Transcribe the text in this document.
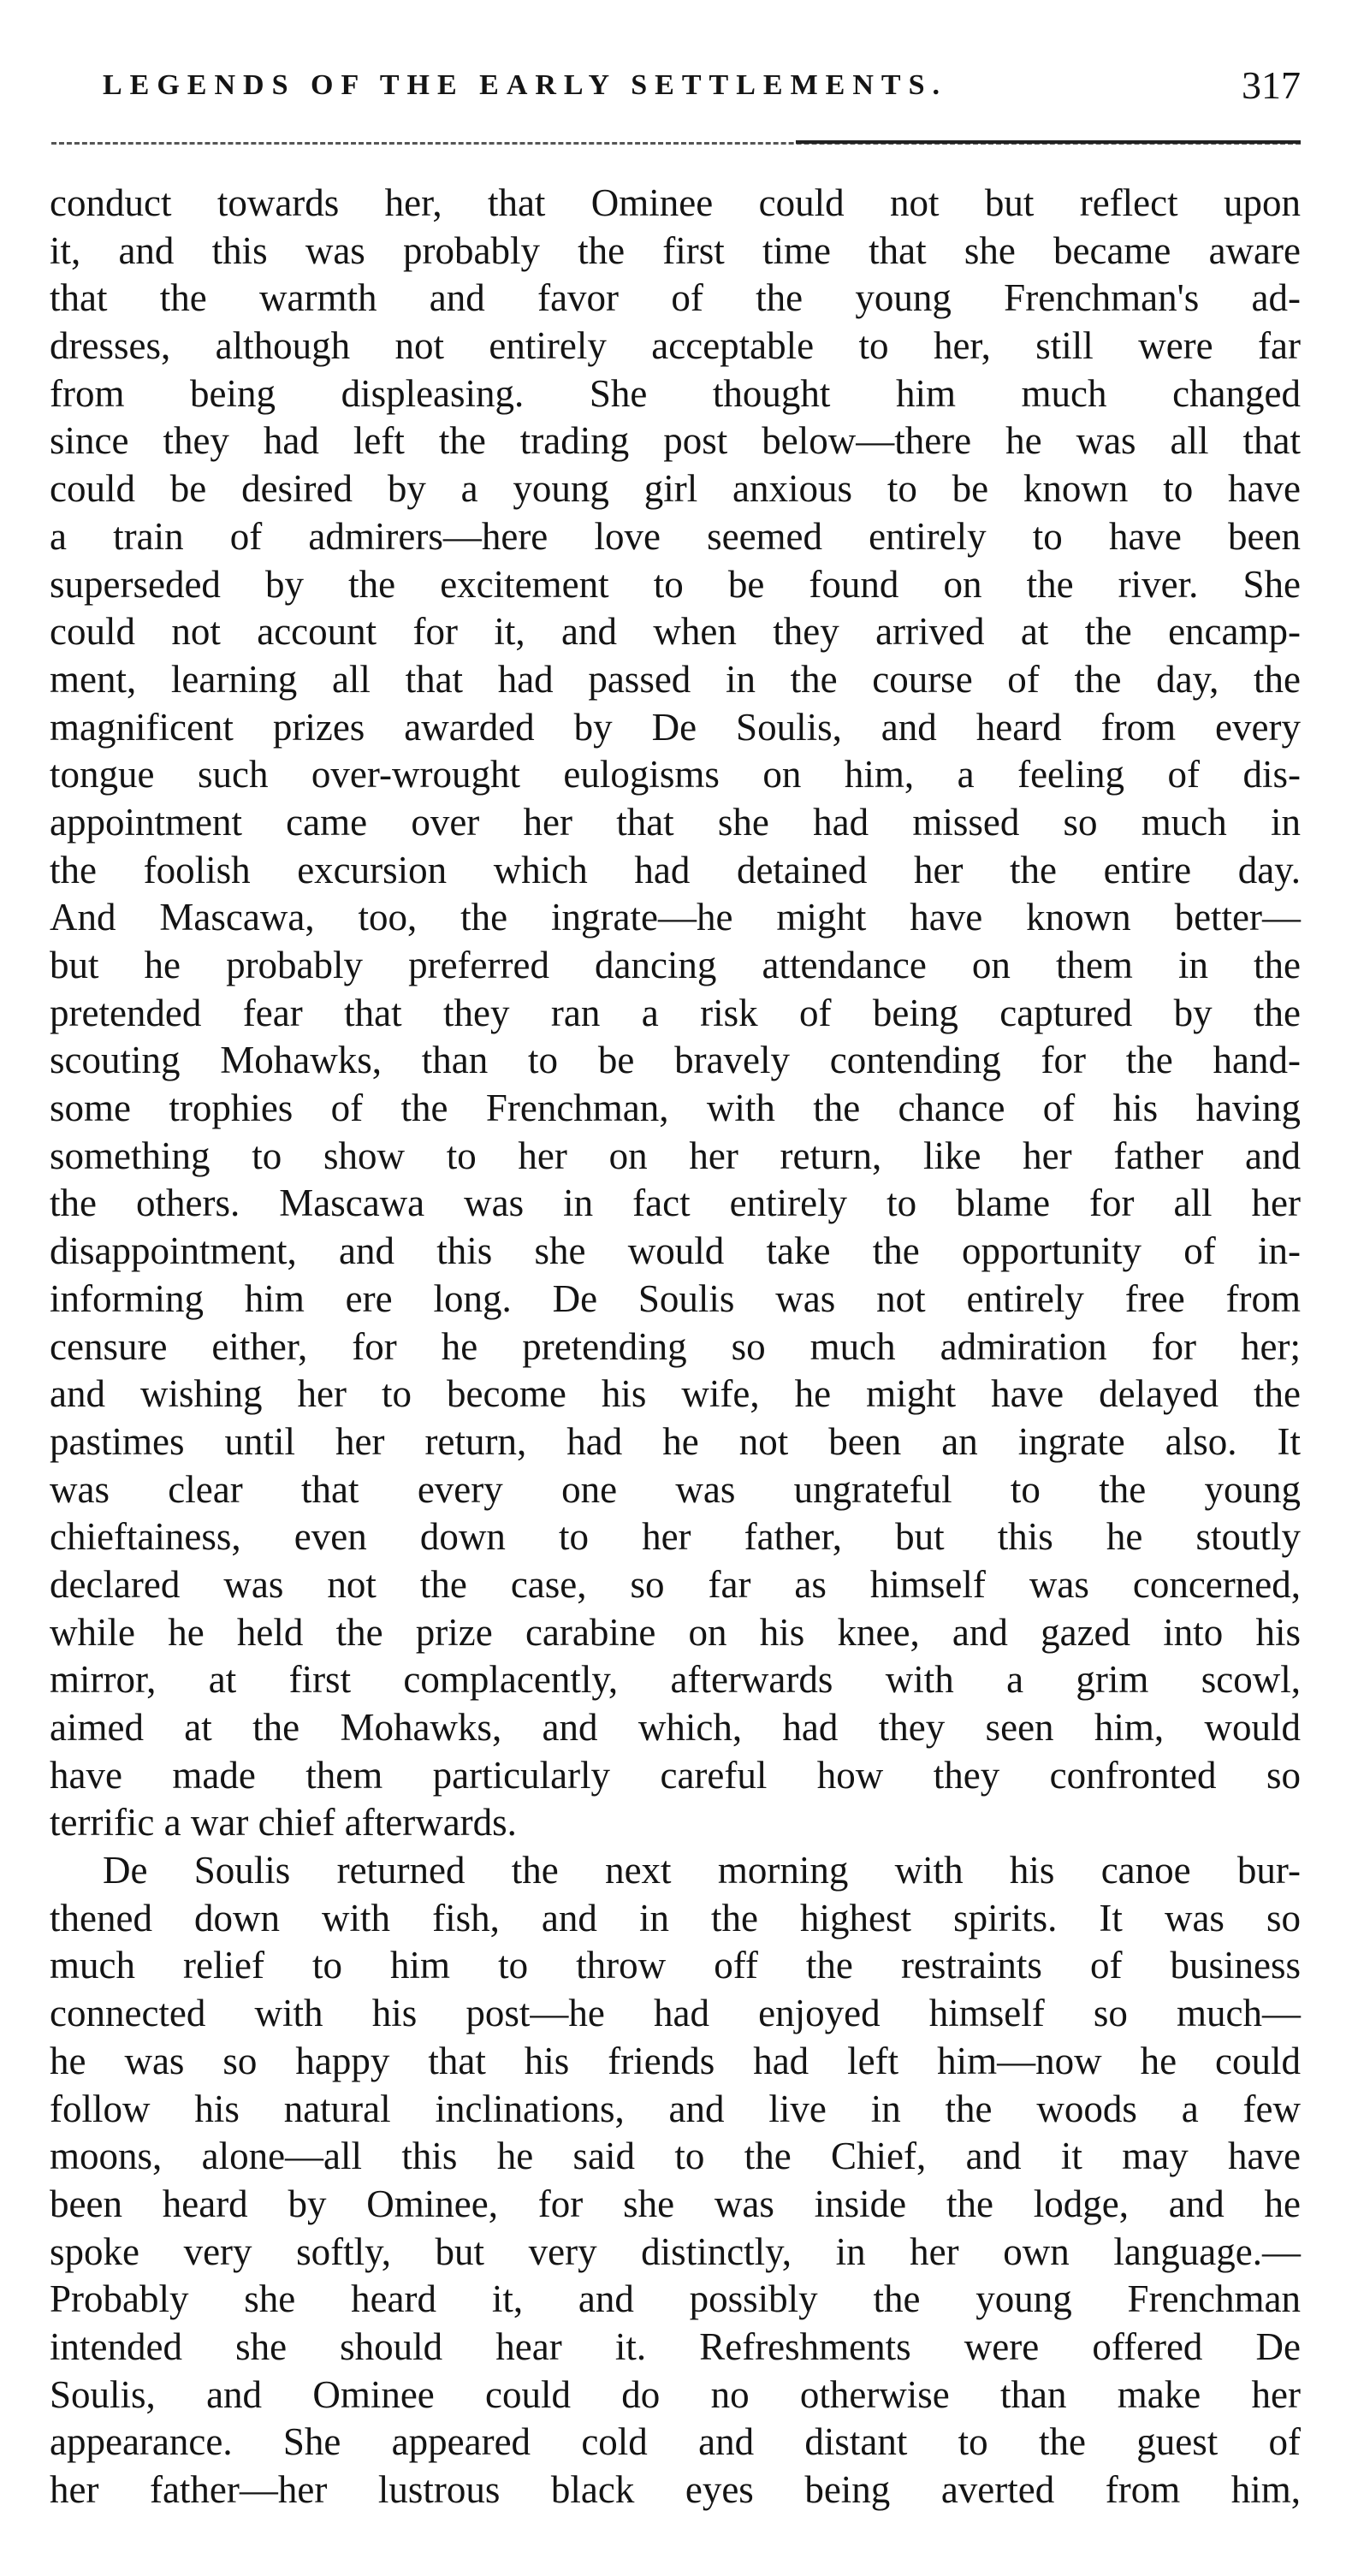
LEGENDS OF THE EARLY SETTLEMENTS.	317
conduct towards her, that Ominee could not but reflect upon
it, and this was probably the first time that she became aware
that the warmth and favor of the young Frenchman's ad-
dresses, although not entirely acceptable to her, still were far
from being displeasing. She thought him much changed
since they had left the trading post below—there he was all that
could be desired by a young girl anxious to be known to have
a train of admirers—here love seemed entirely to have been
superseded by the excitement to be found on the river. She
could not account for it, and when they arrived at the encamp-
ment, learning all that had passed in the course of the day, the
magnificent prizes awarded by De Soulis, and heard from every
tongue such over-wrought eulogisms on him, a feeling of dis-
appointment came over her that she had missed so much in
the foolish excursion which had detained her the entire day.
And Mascawa, too, the ingrate—he might have known better—
but he probably preferred dancing attendance on them in the
pretended fear that they ran a risk of being captured by the
scouting Mohawks, than to be bravely contending for the hand-
some trophies of the Frenchman, with the chance of his having
something to show to her on her return, like her father and
the others. Mascawa was in fact entirely to blame for all her
disappointment, and this she would take the opportunity of in-
informing him ere long. De Soulis was not entirely free from
censure either, for he pretending so much admiration for her;
and wishing her to become his wife, he might have delayed the
pastimes until her return, had he not been an ingrate also. It
was clear that every one was ungrateful to the young
chieftainess, even down to her father, but this he stoutly
declared was not the case, so far as himself was concerned,
while he held the prize carabine on his knee, and gazed into his
mirror, at first complacently, afterwards with a grim scowl,
aimed at the Mohawks, and which, had they seen him, would
have made them particularly careful how they confronted so
terrific a war chief afterwards.
De Soulis returned the next morning with his canoe bur-
thened down with fish, and in the highest spirits. It was so
much relief to him to throw off the restraints of business
connected with his post—he had enjoyed himself so much—
he was so happy that his friends had left him—now he could
follow his natural inclinations, and live in the woods a few
moons, alone—all this he said to the Chief, and it may have
been heard by Ominee, for she was inside the lodge, and he
spoke very softly, but very distinctly, in her own language.—
Probably she heard it, and possibly the young Frenchman
intended she should hear it. Refreshments were offered De
Soulis, and Ominee could do no otherwise than make her
appearance. She appeared cold and distant to the guest of
her father—her lustrous black eyes being averted from him,
